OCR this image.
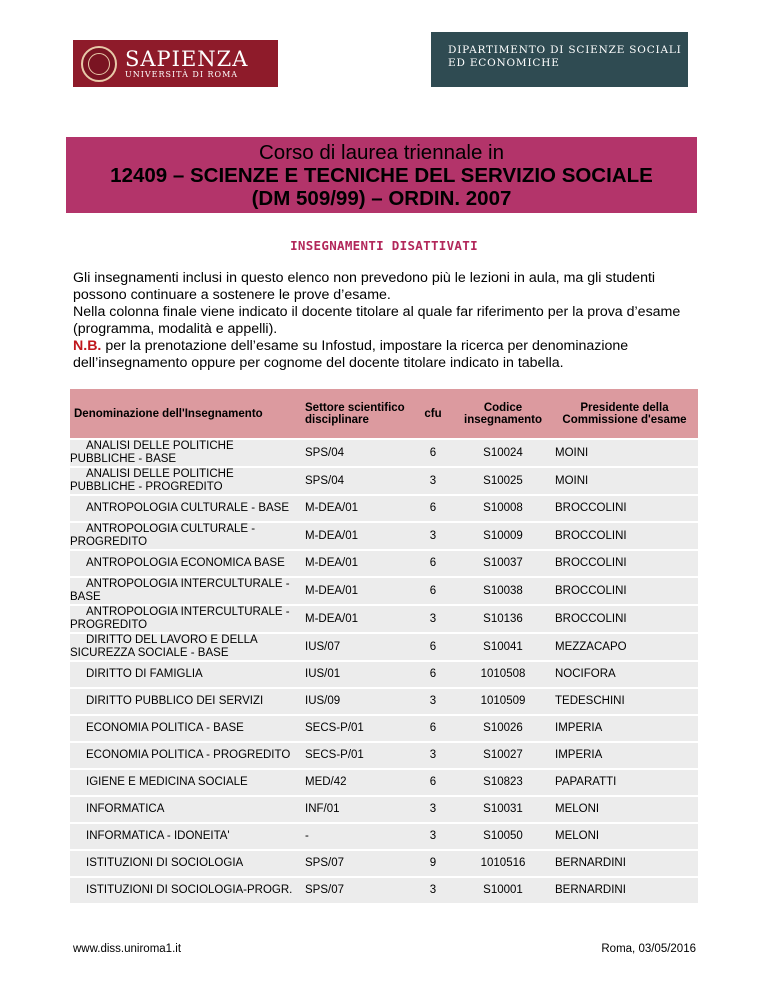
SAPIENZA
UNIVERSITÀ DI ROMA
DIPARTIMENTO DI SCIENZE SOCIALI
ED ECONOMICHE
Corso di laurea triennale in
12409 – SCIENZE E TECNICHE DEL SERVIZIO SOCIALE
(DM 509/99) – ORDIN. 2007
INSEGNAMENTI DISATTIVATI
Gli insegnamenti inclusi in questo elenco non prevedono più le lezioni in aula, ma gli studenti possono continuare a sostenere le prove d’esame.
Nella colonna finale viene indicato il docente titolare al quale far riferimento per la prova d’esame (programma, modalità e appelli).
N.B. per la prenotazione dell’esame su Infostud, impostare la ricerca per denominazione dell’insegnamento oppure per cognome del docente titolare indicato in tabella.
Denominazione dell'Insegnamento	Settore scientifico disciplinare	cfu	Codice insegnamento	Presidente della Commissione d'esame
ANALISI DELLE POLITICHE PUBBLICHE - BASE	SPS/04	6	S10024	MOINI
ANALISI DELLE POLITICHE PUBBLICHE - PROGREDITO	SPS/04	3	S10025	MOINI
ANTROPOLOGIA CULTURALE - BASE	M-DEA/01	6	S10008	BROCCOLINI
ANTROPOLOGIA CULTURALE - PROGREDITO	M-DEA/01	3	S10009	BROCCOLINI
ANTROPOLOGIA ECONOMICA BASE	M-DEA/01	6	S10037	BROCCOLINI
ANTROPOLOGIA INTERCULTURALE - BASE	M-DEA/01	6	S10038	BROCCOLINI
ANTROPOLOGIA INTERCULTURALE - PROGREDITO	M-DEA/01	3	S10136	BROCCOLINI
DIRITTO DEL LAVORO E DELLA SICUREZZA SOCIALE - BASE	IUS/07	6	S10041	MEZZACAPO
DIRITTO DI FAMIGLIA	IUS/01	6	1010508	NOCIFORA
DIRITTO PUBBLICO DEI SERVIZI	IUS/09	3	1010509	TEDESCHINI
ECONOMIA POLITICA - BASE	SECS-P/01	6	S10026	IMPERIA
ECONOMIA POLITICA - PROGREDITO	SECS-P/01	3	S10027	IMPERIA
IGIENE E MEDICINA SOCIALE	MED/42	6	S10823	PAPARATTI
INFORMATICA	INF/01	3	S10031	MELONI
INFORMATICA - IDONEITA'	-	3	S10050	MELONI
ISTITUZIONI DI SOCIOLOGIA	SPS/07	9	1010516	BERNARDINI
ISTITUZIONI DI SOCIOLOGIA-PROGR.	SPS/07	3	S10001	BERNARDINI
www.diss.uniroma1.it	Roma, 03/05/2016
